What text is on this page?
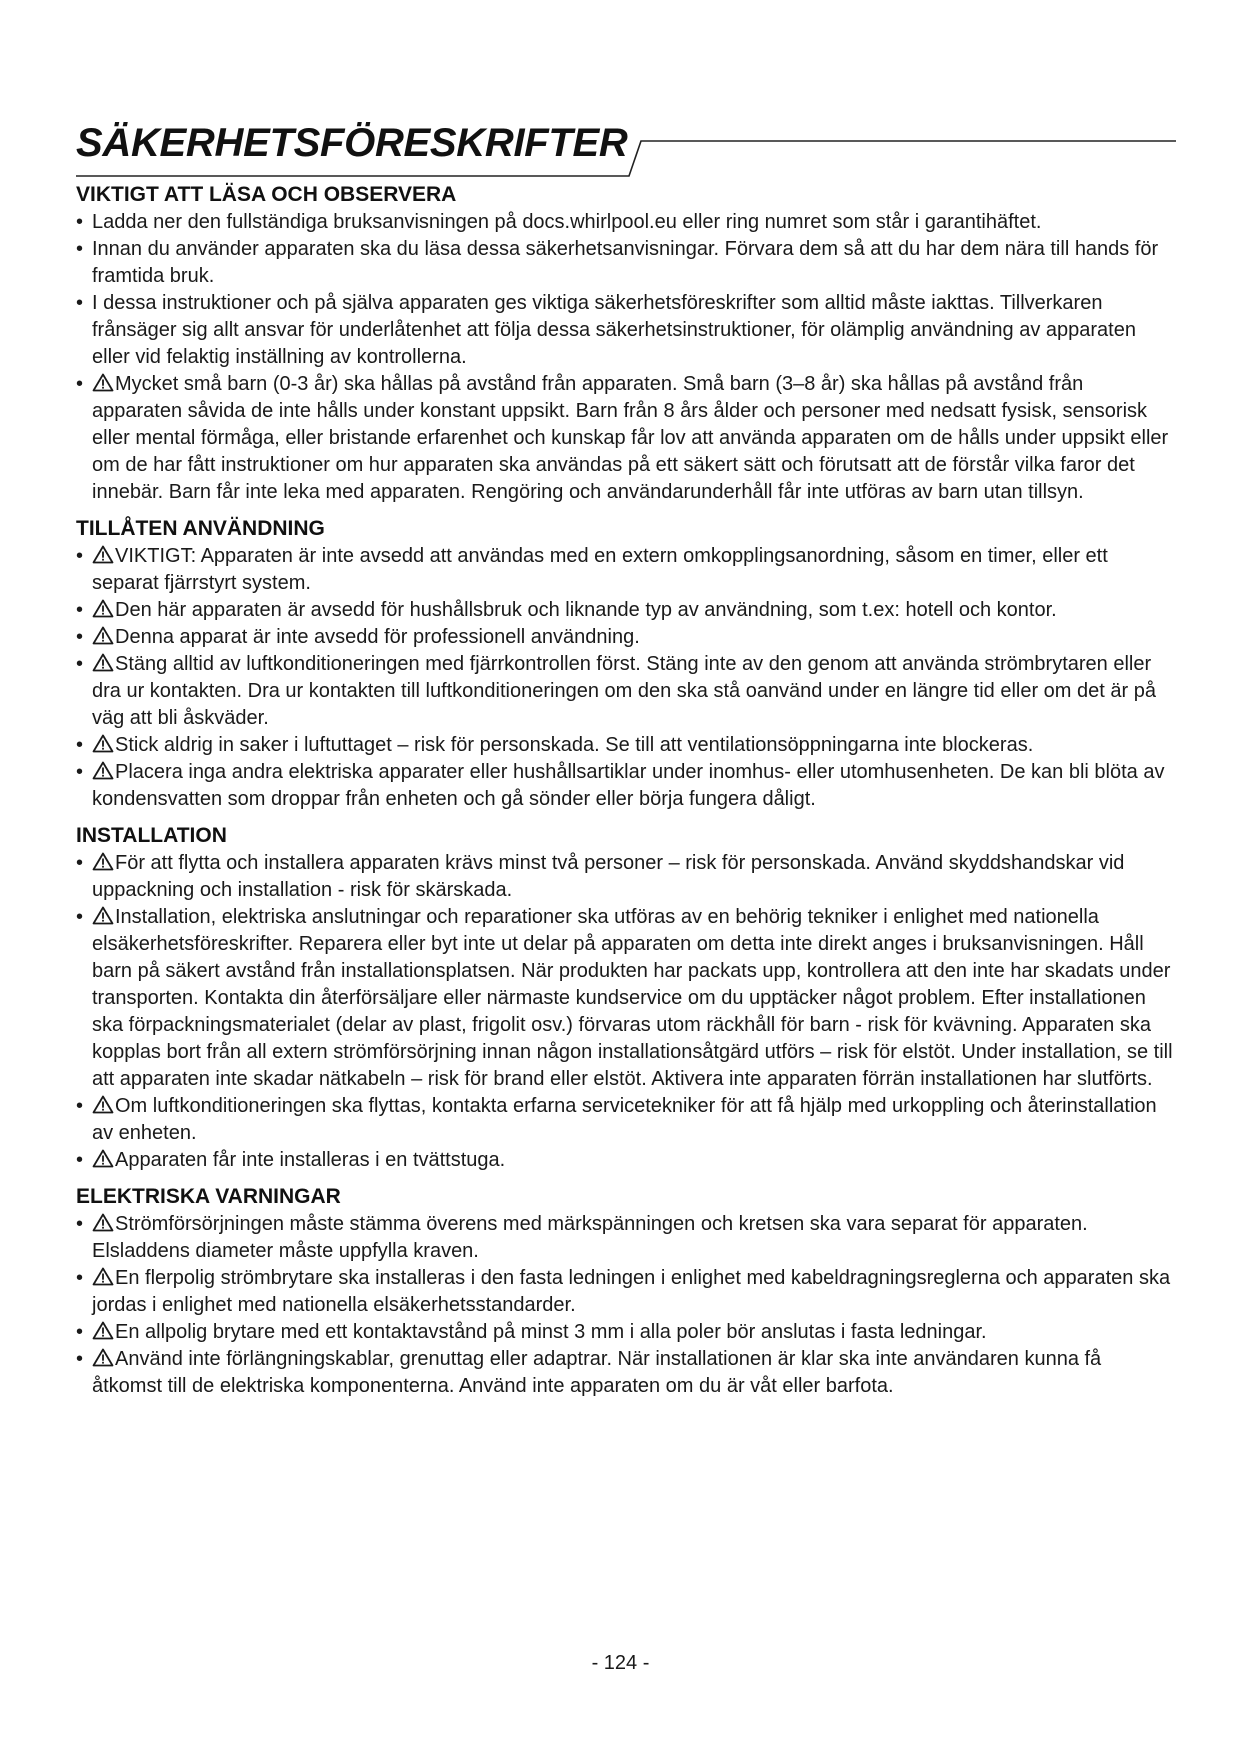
SÄKERHETSFÖRESKRIFTER
VIKTIGT ATT LÄSA OCH OBSERVERA
• Ladda ner den fullständiga bruksanvisningen på docs.whirlpool.eu eller ring numret som står i garantihäftet.
• Innan du använder apparaten ska du läsa dessa säkerhetsanvisningar. Förvara dem så att du har dem nära till hands för framtida bruk.
• I dessa instruktioner och på själva apparaten ges viktiga säkerhetsföreskrifter som alltid måste iakttas. Tillverkaren frånsäger sig allt ansvar för underlåtenhet att följa dessa säkerhetsinstruktioner, för olämplig användning av apparaten eller vid felaktig inställning av kontrollerna.
• Mycket små barn (0-3 år) ska hållas på avstånd från apparaten. Små barn (3–8 år) ska hållas på avstånd från apparaten såvida de inte hålls under konstant uppsikt. Barn från 8 års ålder och personer med nedsatt fysisk, sensorisk eller mental förmåga, eller bristande erfarenhet och kunskap får lov att använda apparaten om de hålls under uppsikt eller om de har fått instruktioner om hur apparaten ska användas på ett säkert sätt och förutsatt att de förstår vilka faror det innebär. Barn får inte leka med apparaten. Rengöring och användarunderhåll får inte utföras av barn utan tillsyn.
TILLÅTEN ANVÄNDNING
• VIKTIGT: Apparaten är inte avsedd att användas med en extern omkopplingsanordning, såsom en timer, eller ett separat fjärrstyrt system.
• Den här apparaten är avsedd för hushållsbruk och liknande typ av användning, som t.ex: hotell och kontor.
• Denna apparat är inte avsedd för professionell användning.
• Stäng alltid av luftkonditioneringen med fjärrkontrollen först. Stäng inte av den genom att använda strömbrytaren eller dra ur kontakten. Dra ur kontakten till luftkonditioneringen om den ska stå oanvänd under en längre tid eller om det är på väg att bli åskväder.
• Stick aldrig in saker i luftuttaget – risk för personskada. Se till att ventilationsöppningarna inte blockeras.
• Placera inga andra elektriska apparater eller hushållsartiklar under inomhus- eller utomhusenheten. De kan bli blöta av kondensvatten som droppar från enheten och gå sönder eller börja fungera dåligt.
INSTALLATION
• För att flytta och installera apparaten krävs minst två personer – risk för personskada. Använd skyddshandskar vid uppackning och installation - risk för skärskada.
• Installation, elektriska anslutningar och reparationer ska utföras av en behörig tekniker i enlighet med nationella elsäkerhetsföreskrifter. Reparera eller byt inte ut delar på apparaten om detta inte direkt anges i bruksanvisningen. Håll barn på säkert avstånd från installationsplatsen. När produkten har packats upp, kontrollera att den inte har skadats under transporten. Kontakta din återförsäljare eller närmaste kundservice om du upptäcker något problem. Efter installationen ska förpackningsmaterialet (delar av plast, frigolit osv.) förvaras utom räckhåll för barn - risk för kvävning. Apparaten ska kopplas bort från all extern strömförsörjning innan någon installationsåtgärd utförs – risk för elstöt. Under installation, se till att apparaten inte skadar nätkabeln – risk för brand eller elstöt. Aktivera inte apparaten förrän installationen har slutförts.
• Om luftkonditioneringen ska flyttas, kontakta erfarna servicetekniker för att få hjälp med urkoppling och återinstallation av enheten.
• Apparaten får inte installeras i en tvättstuga.
ELEKTRISKA VARNINGAR
• Strömförsörjningen måste stämma överens med märkspänningen och kretsen ska vara separat för apparaten.
Elsladdens diameter måste uppfylla kraven.
• En flerpolig strömbrytare ska installeras i den fasta ledningen i enlighet med kabeldragningsreglerna och apparaten ska jordas i enlighet med nationella elsäkerhetsstandarder.
• En allpolig brytare med ett kontaktavstånd på minst 3 mm i alla poler bör anslutas i fasta ledningar.
• Använd inte förlängningskablar, grenuttag eller adaptrar. När installationen är klar ska inte användaren kunna få åtkomst till de elektriska komponenterna. Använd inte apparaten om du är våt eller barfota.
- 124 -
